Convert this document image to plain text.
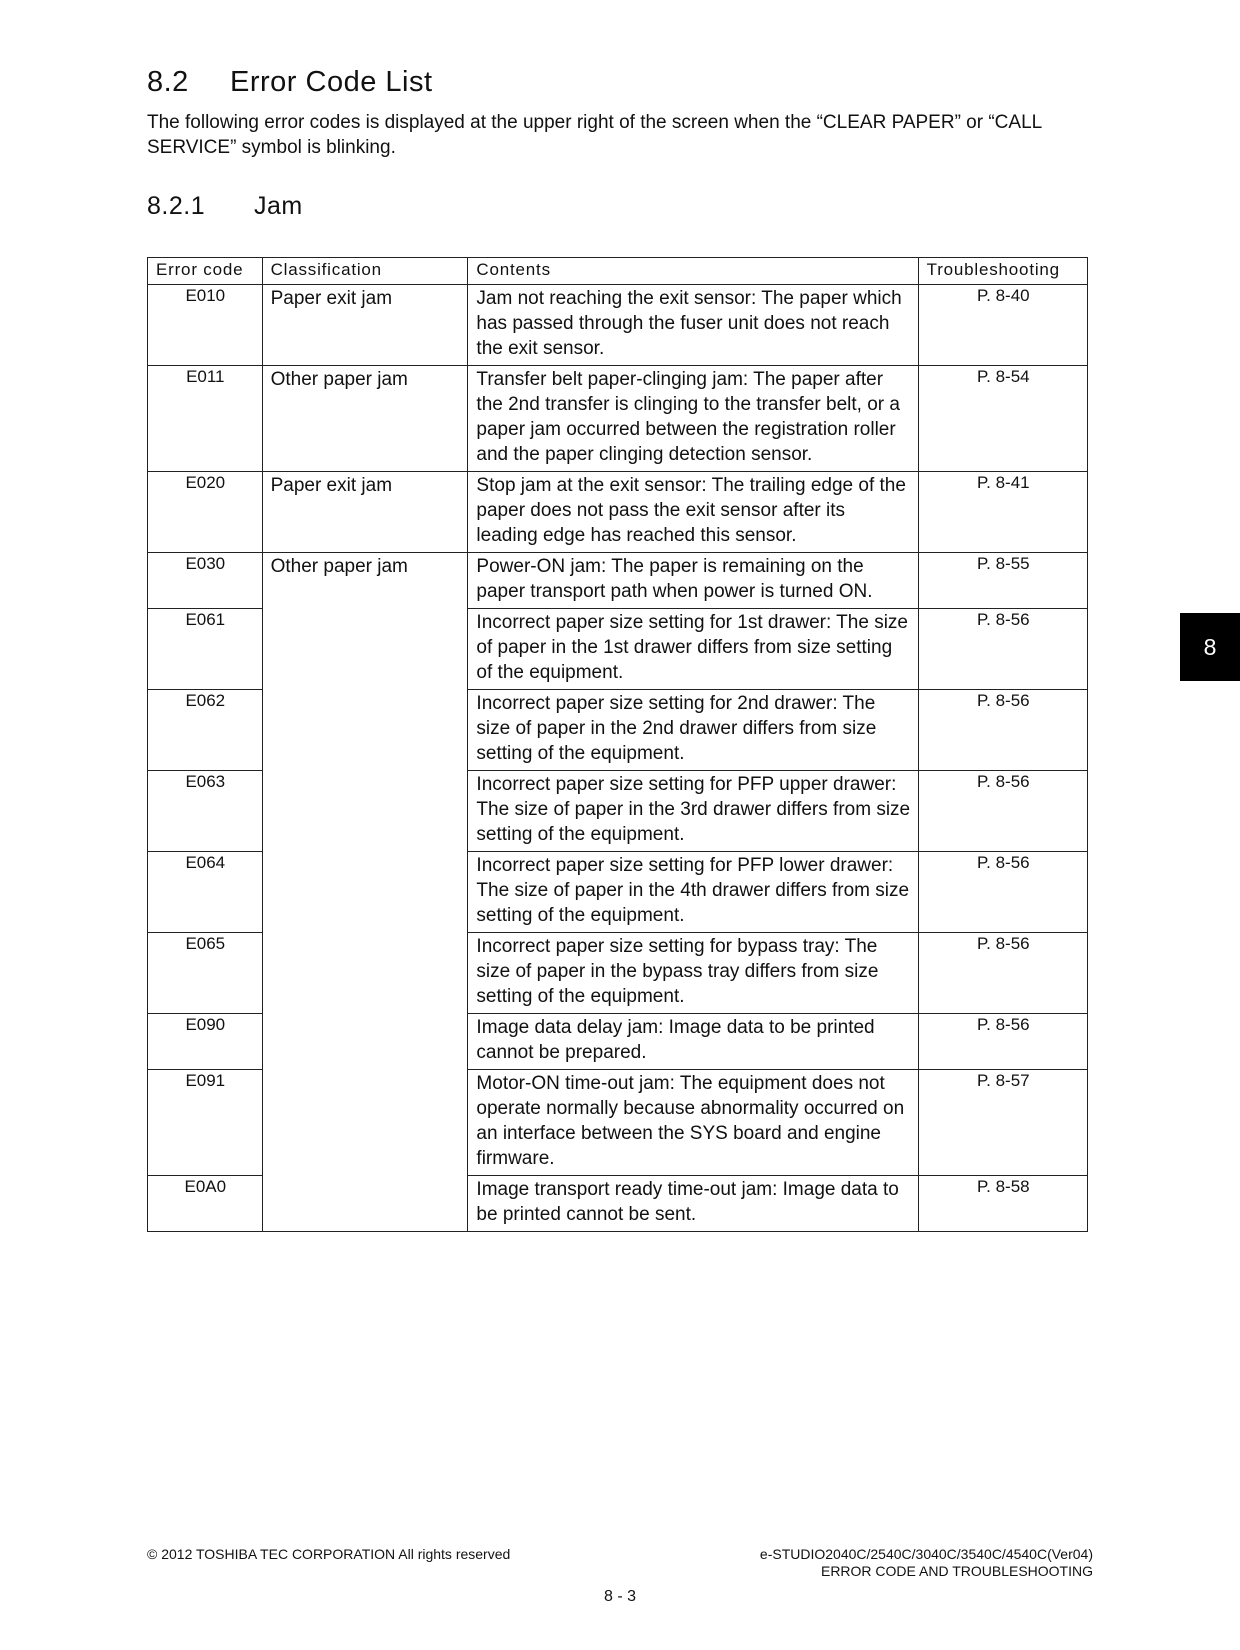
8.2 Error Code List

The following error codes is displayed at the upper right of the screen when the “CLEAR PAPER” or “CALL SERVICE” symbol is blinking.

8.2.1 Jam
Error code	Classification	Contents	Troubleshooting
E010	Paper exit jam	Jam not reaching the exit sensor: The paper which has passed through the fuser unit does not reach the exit sensor.	P. 8-40
E011	Other paper jam	Transfer belt paper-clinging jam: The paper after the 2nd transfer is clinging to the transfer belt, or a paper jam occurred between the registration roller and the paper clinging detection sensor.	P. 8-54
E020	Paper exit jam	Stop jam at the exit sensor: The trailing edge of the paper does not pass the exit sensor after its leading edge has reached this sensor.	P. 8-41
E030	Other paper jam	Power-ON jam: The paper is remaining on the paper transport path when power is turned ON.	P. 8-55
E061		Incorrect paper size setting for 1st drawer: The size of paper in the 1st drawer differs from size setting of the equipment.	P. 8-56
E062		Incorrect paper size setting for 2nd drawer: The size of paper in the 2nd drawer differs from size setting of the equipment.	P. 8-56
E063		Incorrect paper size setting for PFP upper drawer: The size of paper in the 3rd drawer differs from size setting of the equipment.	P. 8-56
E064		Incorrect paper size setting for PFP lower drawer: The size of paper in the 4th drawer differs from size setting of the equipment.	P. 8-56
E065		Incorrect paper size setting for bypass tray: The size of paper in the bypass tray differs from size setting of the equipment.	P. 8-56
E090		Image data delay jam: Image data to be printed cannot be prepared.	P. 8-56
E091		Motor-ON time-out jam: The equipment does not operate normally because abnormality occurred on an interface between the SYS board and engine firmware.	P. 8-57
E0A0		Image transport ready time-out jam: Image data to be printed cannot be sent.	P. 8-58
8
© 2012 TOSHIBA TEC CORPORATION All rights reserved	e-STUDIO2040C/2540C/3040C/3540C/4540C(Ver04)
ERROR CODE AND TROUBLESHOOTING
8 - 3
